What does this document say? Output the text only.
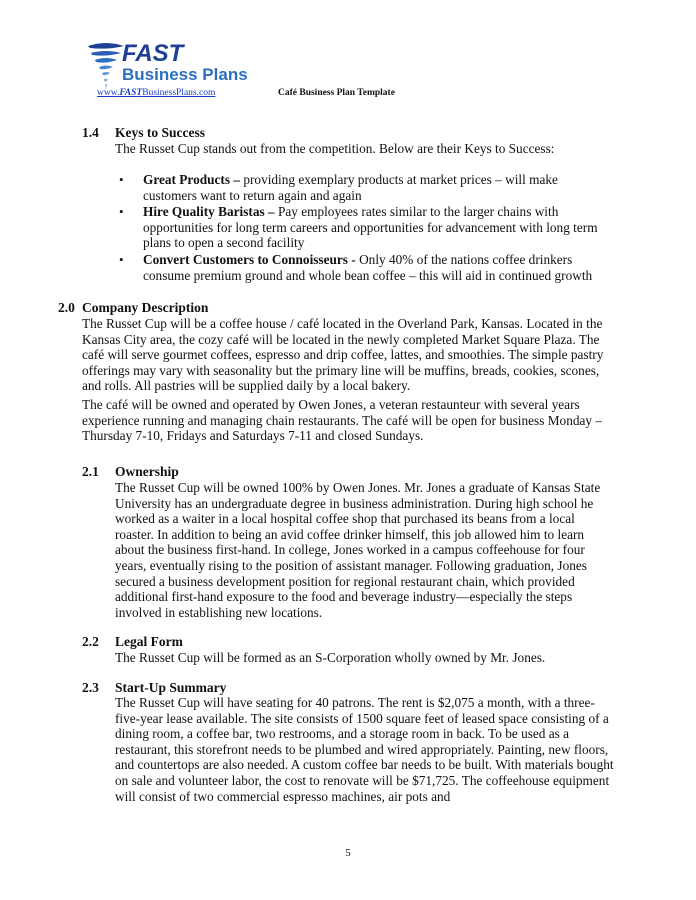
FAST
Business Plans
www.FASTBusinessPlans.com	Café Business Plan Template
1.4 Keys to Success
The Russet Cup stands out from the competition. Below are their Keys to Success:
• Great Products – providing exemplary products at market prices – will make customers want to return again and again
• Hire Quality Baristas – Pay employees rates similar to the larger chains with opportunities for long term careers and opportunities for advancement with long term plans to open a second facility
• Convert Customers to Connoisseurs - Only 40% of the nations coffee drinkers consume premium ground and whole bean coffee – this will aid in continued growth
2.0 Company Description
The Russet Cup will be a coffee house / café located in the Overland Park, Kansas. Located in the Kansas City area, the cozy café will be located in the newly completed Market Square Plaza. The café will serve gourmet coffees, espresso and drip coffee, lattes, and smoothies. The simple pastry offerings may vary with seasonality but the primary line will be muffins, breads, cookies, scones, and rolls. All pastries will be supplied daily by a local bakery.
The café will be owned and operated by Owen Jones, a veteran restaunteur with several years experience running and managing chain restaurants. The café will be open for business Monday – Thursday 7-10, Fridays and Saturdays 7-11 and closed Sundays.
2.1 Ownership
The Russet Cup will be owned 100% by Owen Jones. Mr. Jones a graduate of Kansas State University has an undergraduate degree in business administration. During high school he worked as a waiter in a local hospital coffee shop that purchased its beans from a local roaster. In addition to being an avid coffee drinker himself, this job allowed him to learn about the business first-hand. In college, Jones worked in a campus coffeehouse for four years, eventually rising to the position of assistant manager. Following graduation, Jones secured a business development position for regional restaurant chain, which provided additional first-hand exposure to the food and beverage industry—especially the steps involved in establishing new locations.
2.2 Legal Form
The Russet Cup will be formed as an S-Corporation wholly owned by Mr. Jones.
2.3 Start-Up Summary
The Russet Cup will have seating for 40 patrons. The rent is $2,075 a month, with a three-five-year lease available. The site consists of 1500 square feet of leased space consisting of a dining room, a coffee bar, two restrooms, and a storage room in back. To be used as a restaurant, this storefront needs to be plumbed and wired appropriately. Painting, new floors, and countertops are also needed. A custom coffee bar needs to be built. With materials bought on sale and volunteer labor, the cost to renovate will be $71,725. The coffeehouse equipment will consist of two commercial espresso machines, air pots and
5
